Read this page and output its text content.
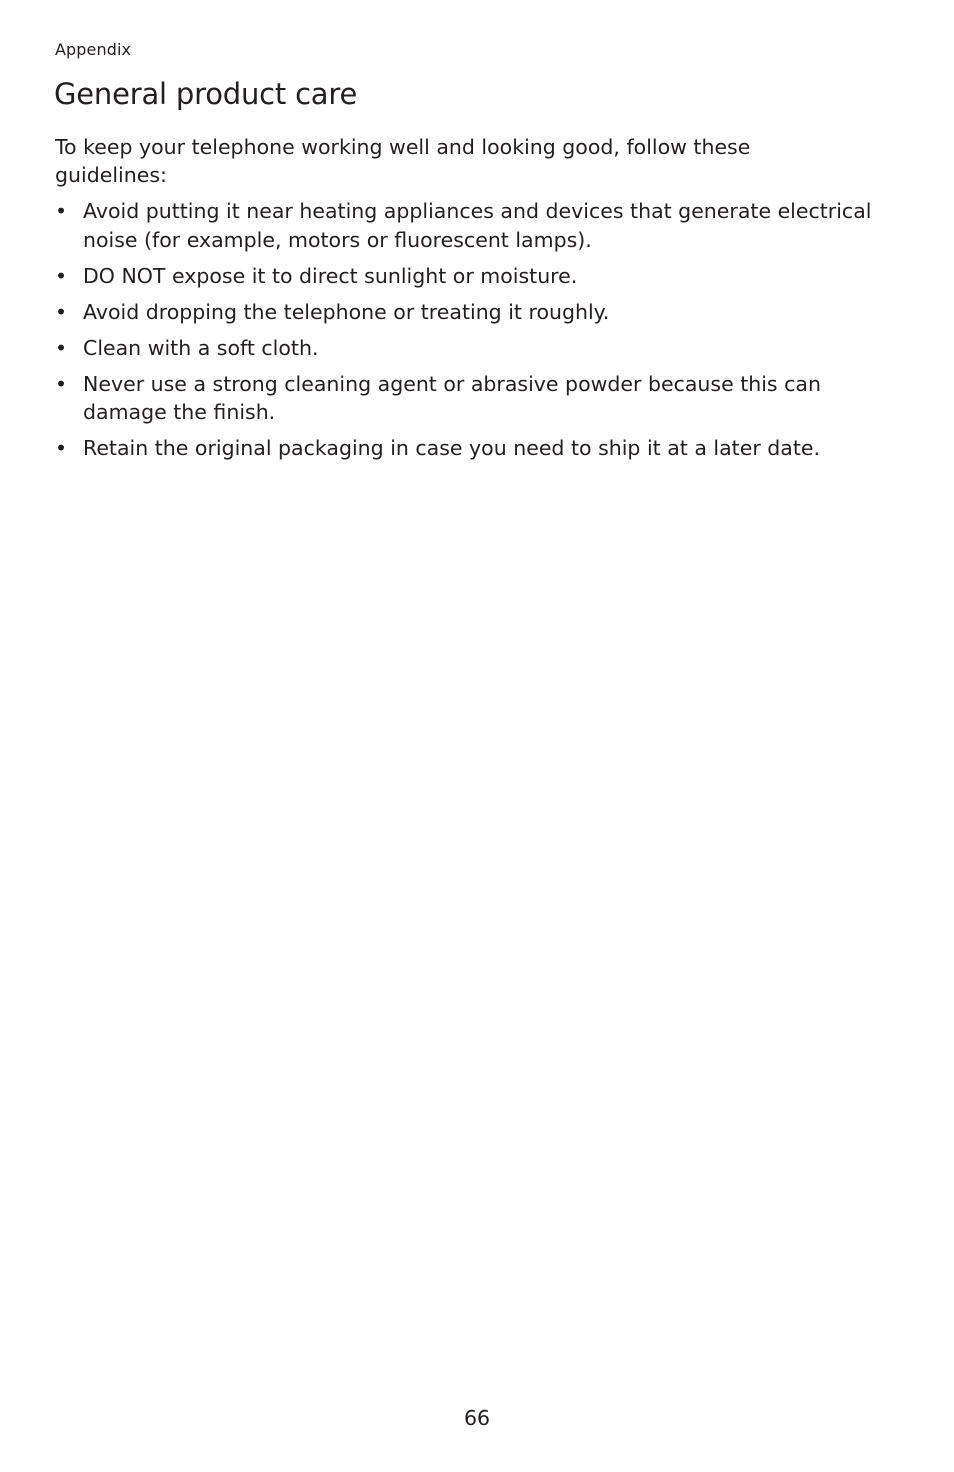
Appendix
General product care

To keep your telephone working well and looking good, follow these guidelines:

• Avoid putting it near heating appliances and devices that generate electrical noise (for example, motors or fluorescent lamps).
• DO NOT expose it to direct sunlight or moisture.
• Avoid dropping the telephone or treating it roughly.
• Clean with a soft cloth.
• Never use a strong cleaning agent or abrasive powder because this can damage the finish.
• Retain the original packaging in case you need to ship it at a later date.
66
